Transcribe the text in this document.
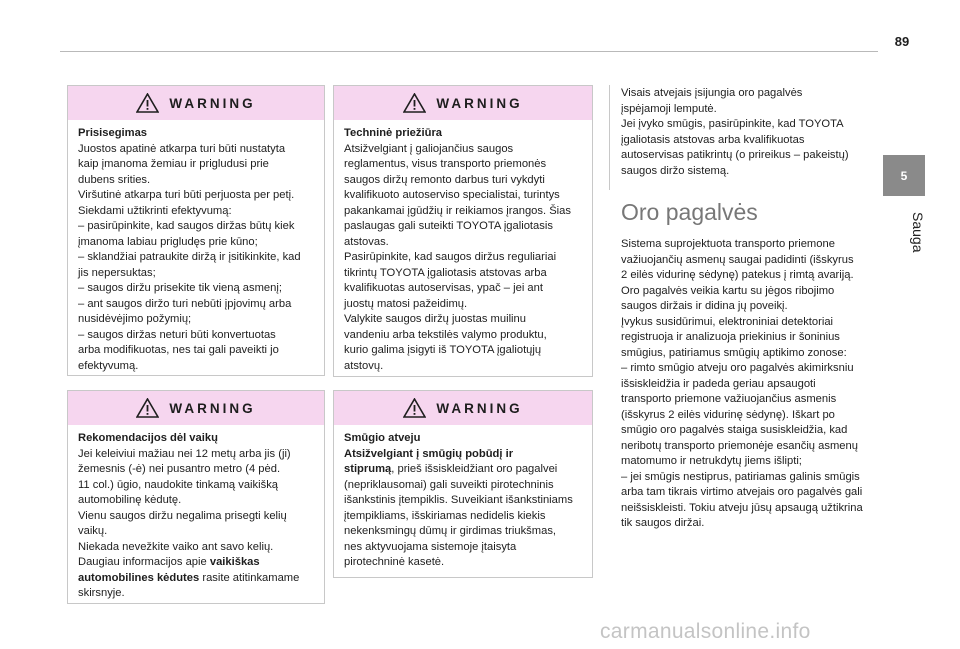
89
5
Sauga
WARNING
Prisisegimas
Juostos apatinė atkarpa turi būti nustatyta
kaip įmanoma žemiau ir prigludusi prie
dubens srities.
Viršutinė atkarpa turi būti perjuosta per petį.
Siekdami užtikrinti efektyvumą:
– pasirūpinkite, kad saugos diržas būtų kiek
įmanoma labiau prigludęs prie kūno;
– sklandžiai patraukite diržą ir įsitikinkite, kad
jis nepersuktas;
– saugos diržu prisekite tik vieną asmenį;
– ant saugos diržo turi nebūti įpjovimų arba
nusidėvėjimo požymių;
– saugos diržas neturi būti konvertuotas
arba modifikuotas, nes tai gali paveikti jo
efektyvumą.
WARNING
Rekomendacijos dėl vaikų
Jei keleiviui mažiau nei 12 metų arba jis (ji)
žemesnis (-ė) nei pusantro metro (4 pėd.
11 col.) ūgio, naudokite tinkamą vaikišką
automobilinę kėdutę.
Vienu saugos diržu negalima prisegti kelių
vaikų.
Niekada nevežkite vaiko ant savo kelių.
Daugiau informacijos apie vaikiškas
automobilines kėdutes rasite atitinkamame
skirsnyje.
WARNING
Techninė priežiūra
Atsižvelgiant į galiojančius saugos
reglamentus, visus transporto priemonės
saugos diržų remonto darbus turi vykdyti
kvalifikuoto autoserviso specialistai, turintys
pakankamai įgūdžių ir reikiamos įrangos. Šias
paslaugas gali suteikti TOYOTA įgaliotasis
atstovas.
Pasirūpinkite, kad saugos diržus reguliariai
tikrintų TOYOTA įgaliotasis atstovas arba
kvalifikuotas autoservisas, ypač – jei ant
juostų matosi pažeidimų.
Valykite saugos diržų juostas muilinu
vandeniu arba tekstilės valymo produktu,
kurio galima įsigyti iš TOYOTA įgaliotųjų
atstovų.
WARNING
Smūgio atveju
Atsižvelgiant į smūgių pobūdį ir
stiprumą, prieš išsiskleidžiant oro pagalvei
(nepriklausomai) gali suveikti pirotechninis
išankstinis įtempiklis. Suveikiant išankstiniams
įtempikliams, išskiriamas nedidelis kiekis
nekenksmingų dūmų ir girdimas triukšmas,
nes aktyvuojama sistemoje įtaisyta
pirotechninė kasetė.
Visais atvejais įsijungia oro pagalvės
įspėjamoji lemputė.
Jei įvyko smūgis, pasirūpinkite, kad TOYOTA
įgaliotasis atstovas arba kvalifikuotas
autoservisas patikrintų (o prireikus – pakeistų)
saugos diržo sistemą.
Oro pagalvės
Sistema suprojektuota transporto priemone
važiuojančių asmenų saugai padidinti (išskyrus
2 eilės vidurinę sėdynę) patekus į rimtą avariją.
Oro pagalvės veikia kartu su jėgos ribojimo
saugos diržais ir didina jų poveikį.
Įvykus susidūrimui, elektroniniai detektoriai
registruoja ir analizuoja priekinius ir šoninius
smūgius, patiriamus smūgių aptikimo zonose:
– rimto smūgio atveju oro pagalvės akimirksniu
išsiskleidžia ir padeda geriau apsaugoti
transporto priemone važiuojančius asmenis
(išskyrus 2 eilės vidurinę sėdynę). Iškart po
smūgio oro pagalvės staiga susiskleidžia, kad
neribotų transporto priemonėje esančių asmenų
matomumo ir netrukdytų jiems išlipti;
– jei smūgis nestiprus, patiriamas galinis smūgis
arba tam tikrais virtimo atvejais oro pagalvės gali
neišsiskleisti. Tokiu atveju jūsų apsaugą užtikrina
tik saugos diržai.
carmanualsonline.info
